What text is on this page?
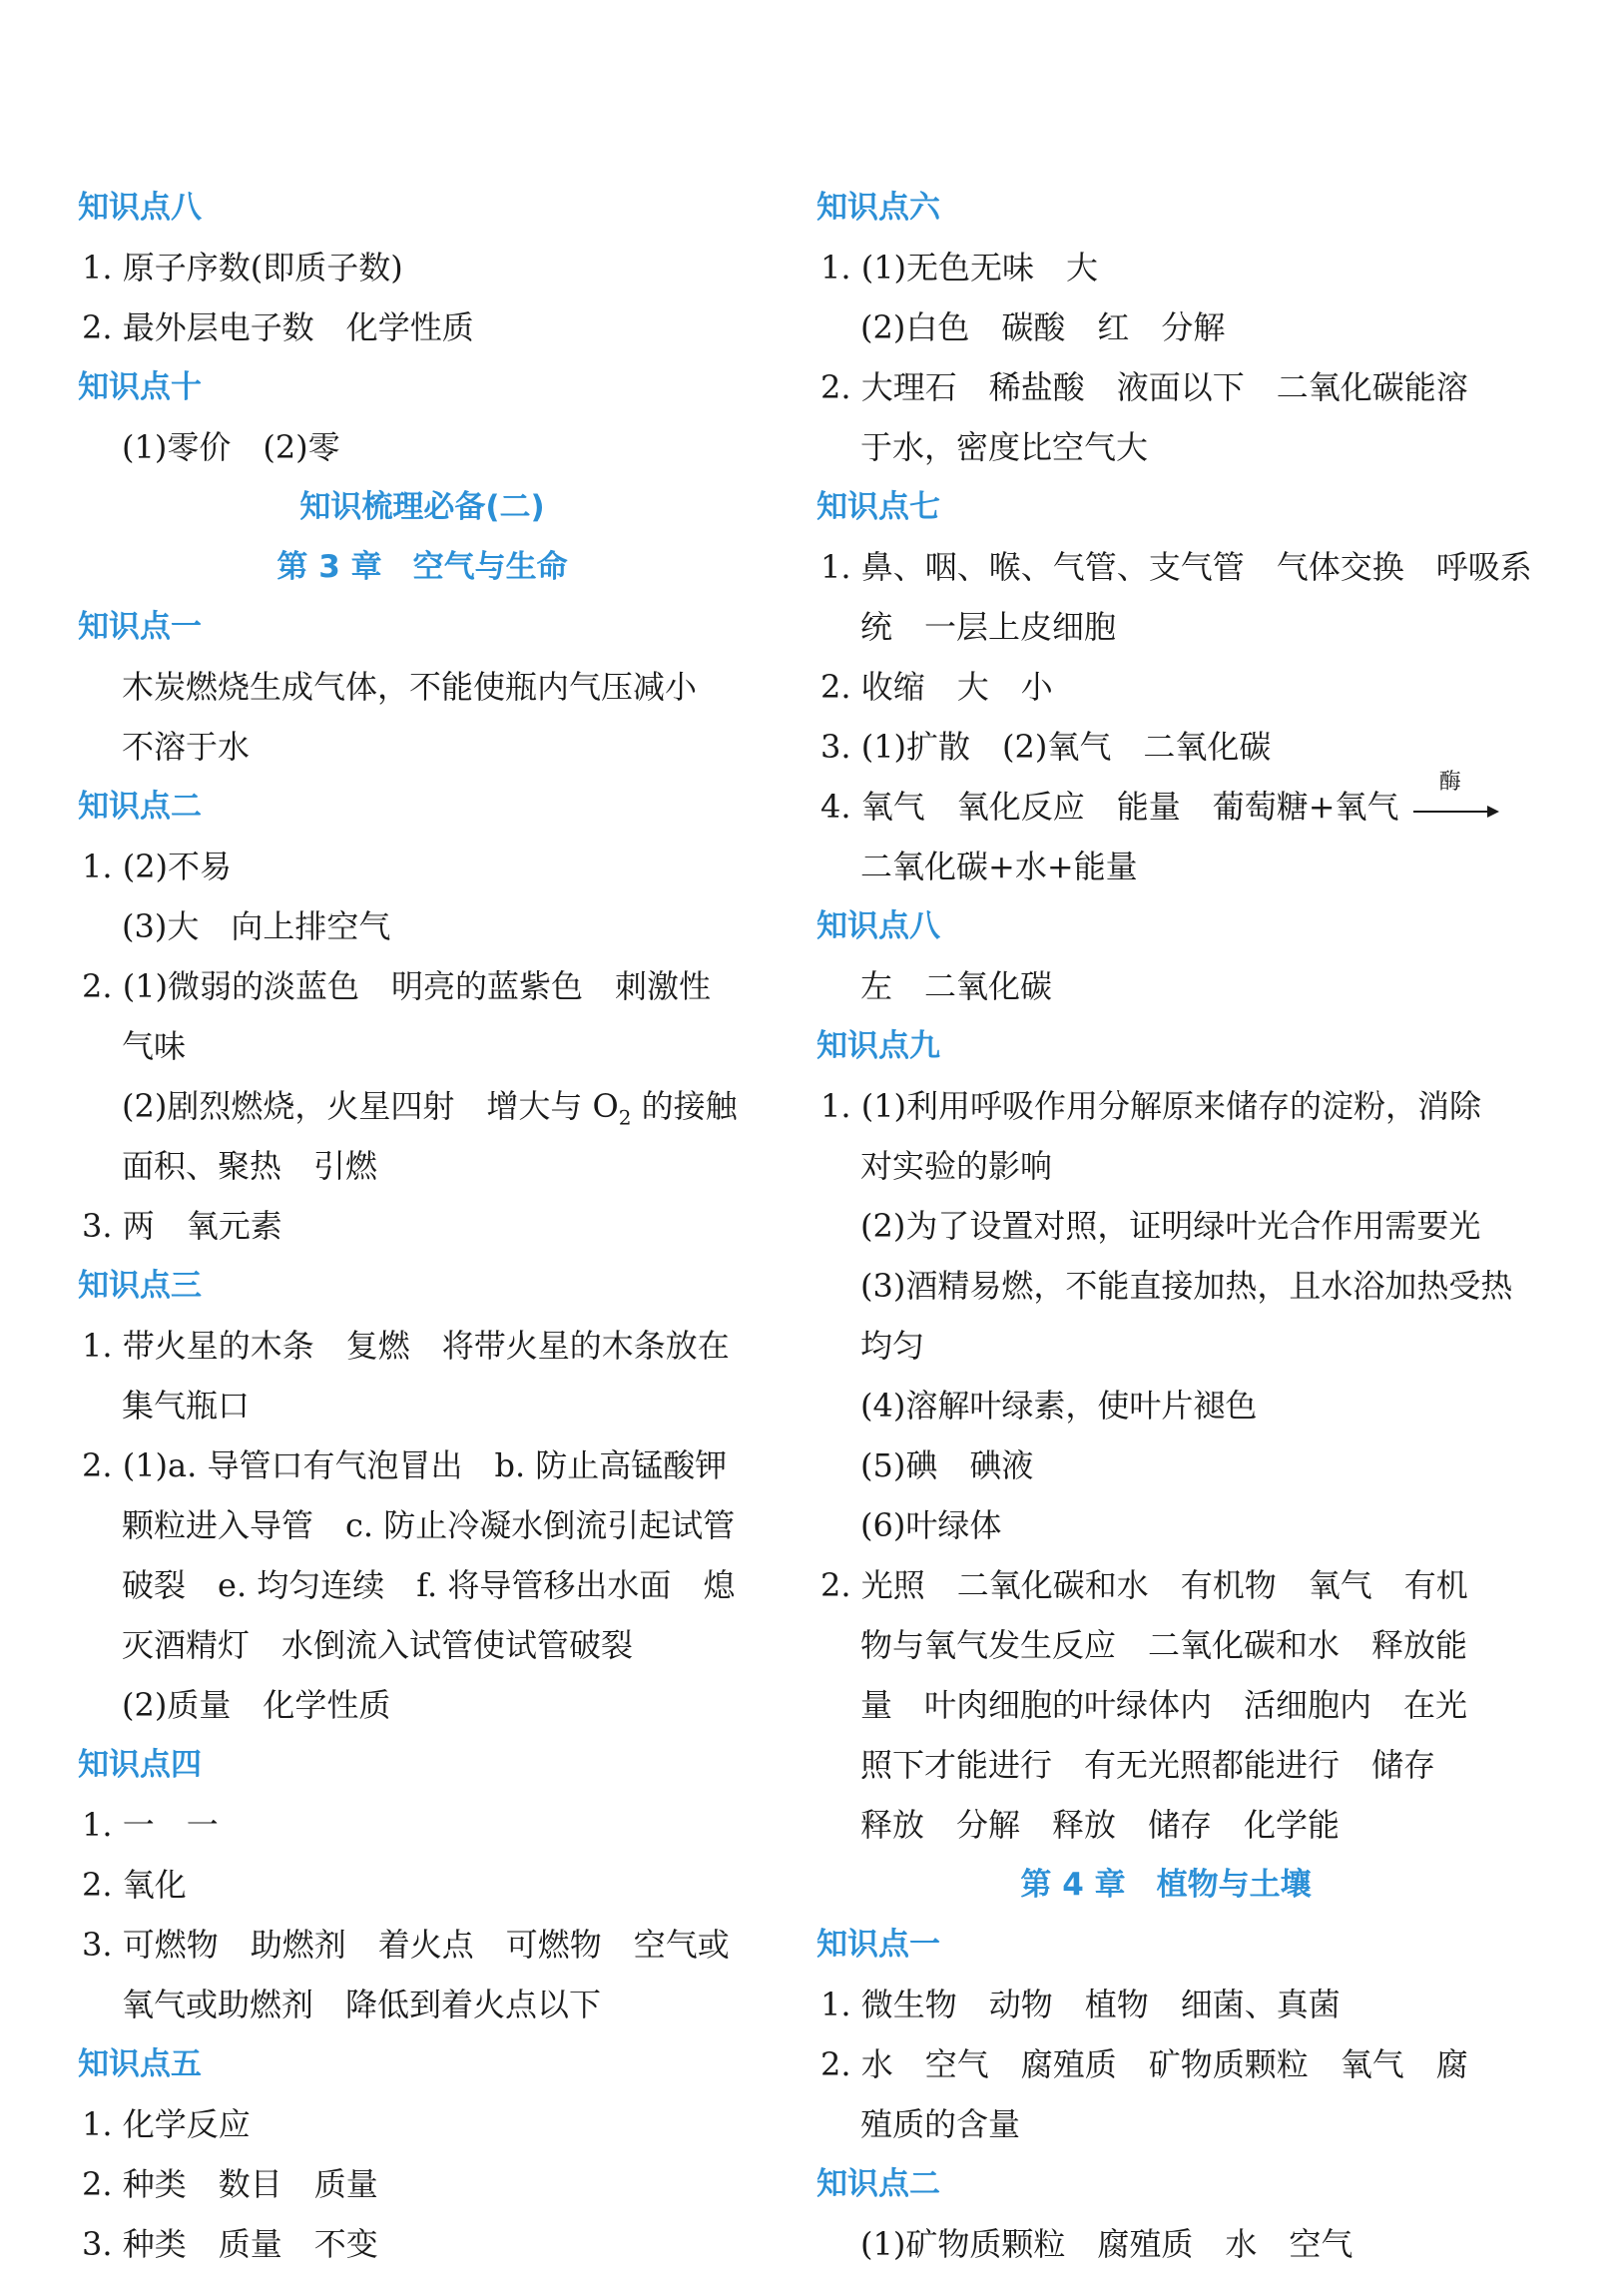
知识点八
1. 原子序数(即质子数)
2. 最外层电子数　化学性质
知识点十
(1)零价　(2)零
知识梳理必备(二)
第 3 章　空气与生命
知识点一
木炭燃烧生成气体，不能使瓶内气压减小
不溶于水
知识点二
1. (2)不易
(3)大　向上排空气
2. (1)微弱的淡蓝色　明亮的蓝紫色　刺激性
气味
(2)剧烈燃烧，火星四射　增大与 $O_2$ 的接触
面积、聚热　引燃
3. 两　氧元素
知识点三
1. 带火星的木条　复燃　将带火星的木条放在
集气瓶口
2. (1)a. 导管口有气泡冒出　b. 防止高锰酸钾
颗粒进入导管　c. 防止冷凝水倒流引起试管
破裂　e. 均匀连续　f. 将导管移出水面　熄
灭酒精灯　水倒流入试管使试管破裂
(2)质量　化学性质
知识点四
1. 一　一
2. 氧化
3. 可燃物　助燃剂　着火点　可燃物　空气或
氧气或助燃剂　降低到着火点以下
知识点五
1. 化学反应
2. 种类　数目　质量
3. 种类　质量　不变
知识点六
1. (1)无色无味　大
(2)白色　碳酸　红　分解
2. 大理石　稀盐酸　液面以下　二氧化碳能溶
于水，密度比空气大
知识点七
1. 鼻、咽、喉、气管、支气管　气体交换　呼吸系
统　一层上皮细胞
2. 收缩　大　小
3. (1)扩散　(2)氧气　二氧化碳
4. 氧气　氧化反应　能量　葡萄糖+氧气
酶
二氧化碳+水+能量
知识点八
左　二氧化碳
知识点九
1. (1)利用呼吸作用分解原来储存的淀粉，消除
对实验的影响
(2)为了设置对照，证明绿叶光合作用需要光
(3)酒精易燃，不能直接加热，且水浴加热受热
均匀
(4)溶解叶绿素，使叶片褪色
(5)碘　碘液
(6)叶绿体
2. 光照　二氧化碳和水　有机物　氧气　有机
物与氧气发生反应　二氧化碳和水　释放能
量　叶肉细胞的叶绿体内　活细胞内　在光
照下才能进行　有无光照都能进行　储存
释放　分解　释放　储存　化学能
第 4 章　植物与土壤
知识点一
1. 微生物　动物　植物　细菌、真菌
2. 水　空气　腐殖质　矿物质颗粒　氧气　腐
殖质的含量
知识点二
(1)矿物质颗粒　腐殖质　水　空气
